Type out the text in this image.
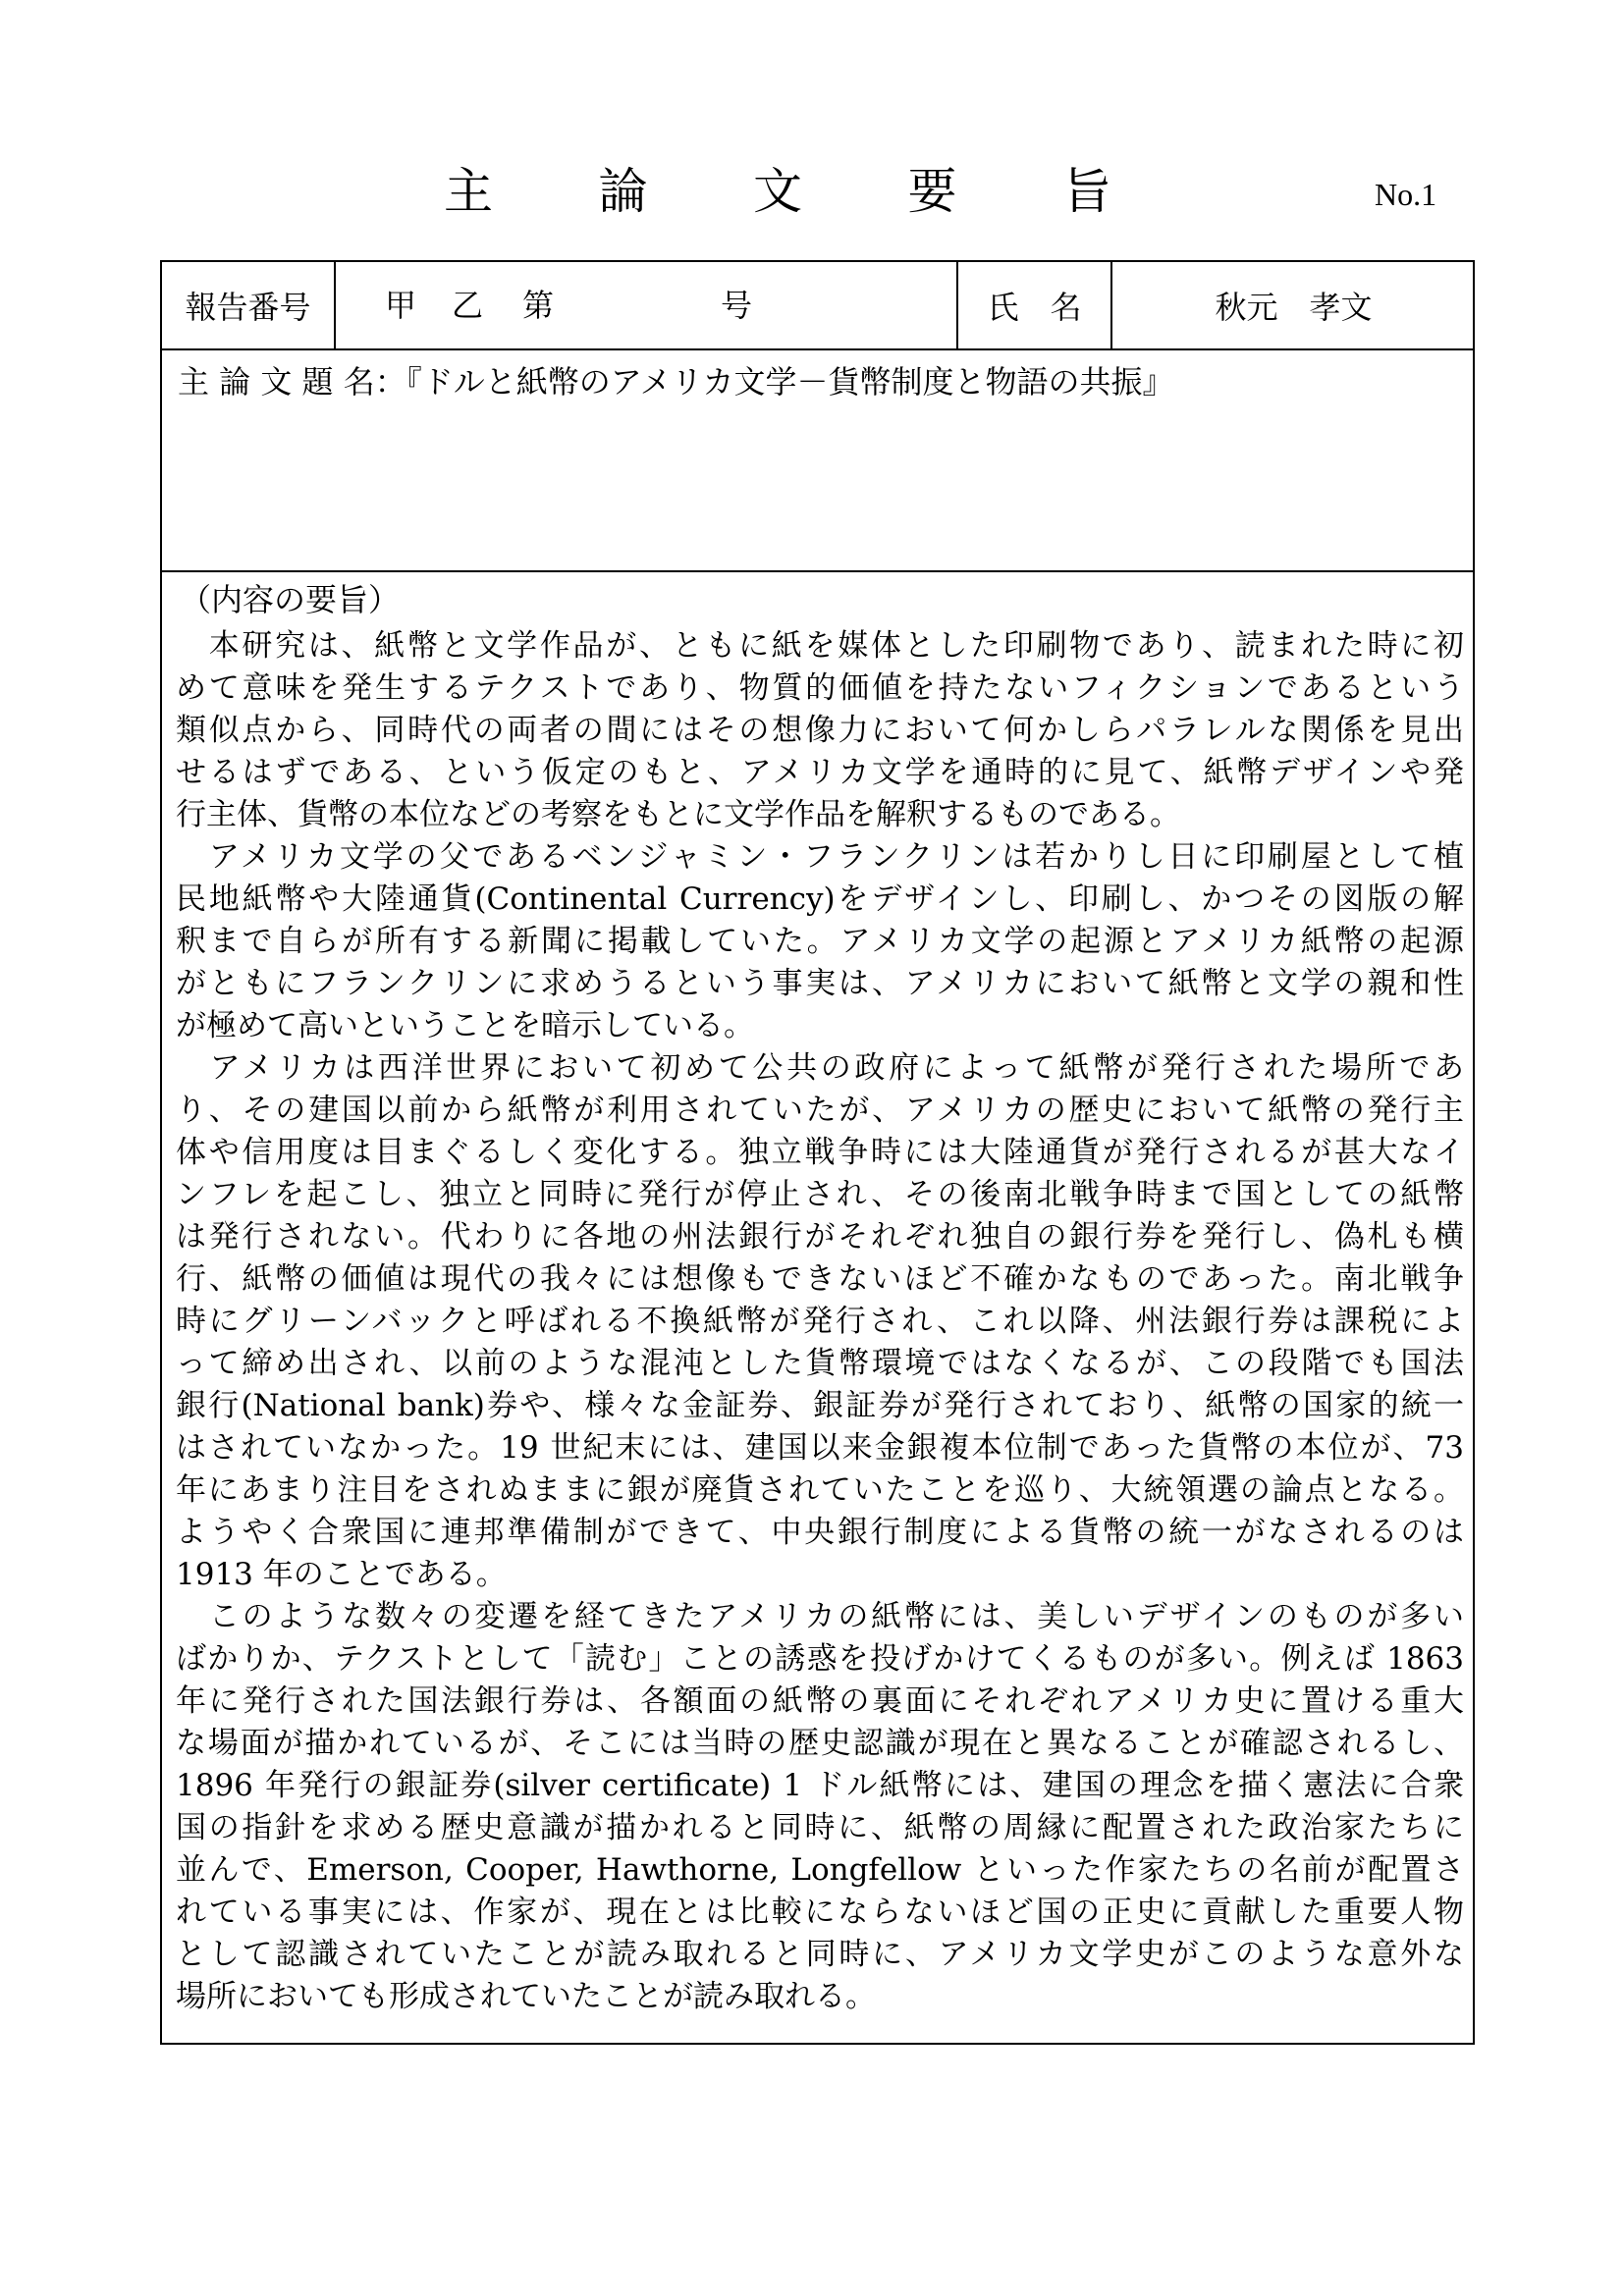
主 論 文 要 旨	No.1
報告番号	甲 乙 第	号	氏　名	秋元　孝文
主 論 文 題 名：『ドルと紙幣のアメリカ文学－貨幣制度と物語の共振』
（内容の要旨）
　本研究は、紙幣と文学作品が、ともに紙を媒体とした印刷物であり、読まれた時に初
めて意味を発生するテクストであり、物質的価値を持たないフィクションであるという
類似点から、同時代の両者の間にはその想像力において何かしらパラレルな関係を見出
せるはずである、という仮定のもと、アメリカ文学を通時的に見て、紙幣デザインや発
行主体、貨幣の本位などの考察をもとに文学作品を解釈するものである。
　アメリカ文学の父であるベンジャミン・フランクリンは若かりし日に印刷屋として植
民地紙幣や大陸通貨(Continental Currency)をデザインし、印刷し、かつその図版の解
釈まで自らが所有する新聞に掲載していた。アメリカ文学の起源とアメリカ紙幣の起源
がともにフランクリンに求めうるという事実は、アメリカにおいて紙幣と文学の親和性
が極めて高いということを暗示している。
　アメリカは西洋世界において初めて公共の政府によって紙幣が発行された場所であ
り、その建国以前から紙幣が利用されていたが、アメリカの歴史において紙幣の発行主
体や信用度は目まぐるしく変化する。独立戦争時には大陸通貨が発行されるが甚大なイ
ンフレを起こし、独立と同時に発行が停止され、その後南北戦争時まで国としての紙幣
は発行されない。代わりに各地の州法銀行がそれぞれ独自の銀行券を発行し、偽札も横
行、紙幣の価値は現代の我々には想像もできないほど不確かなものであった。南北戦争
時にグリーンバックと呼ばれる不換紙幣が発行され、これ以降、州法銀行券は課税によ
って締め出され、以前のような混沌とした貨幣環境ではなくなるが、この段階でも国法
銀行(National bank)券や、様々な金証券、銀証券が発行されており、紙幣の国家的統一
はされていなかった。19 世紀末には、建国以来金銀複本位制であった貨幣の本位が、73
年にあまり注目をされぬままに銀が廃貨されていたことを巡り、大統領選の論点となる。
ようやく合衆国に連邦準備制ができて、中央銀行制度による貨幣の統一がなされるのは
1913 年のことである。
　このような数々の変遷を経てきたアメリカの紙幣には、美しいデザインのものが多い
ばかりか、テクストとして「読む」ことの誘惑を投げかけてくるものが多い。例えば 1863
年に発行された国法銀行券は、各額面の紙幣の裏面にそれぞれアメリカ史に置ける重大
な場面が描かれているが、そこには当時の歴史認識が現在と異なることが確認されるし、
1896 年発行の銀証券(silver certificate) 1 ドル紙幣には、建国の理念を描く憲法に合衆
国の指針を求める歴史意識が描かれると同時に、紙幣の周縁に配置された政治家たちに
並んで、Emerson, Cooper, Hawthorne, Longfellow といった作家たちの名前が配置さ
れている事実には、作家が、現在とは比較にならないほど国の正史に貢献した重要人物
として認識されていたことが読み取れると同時に、アメリカ文学史がこのような意外な
場所においても形成されていたことが読み取れる。
